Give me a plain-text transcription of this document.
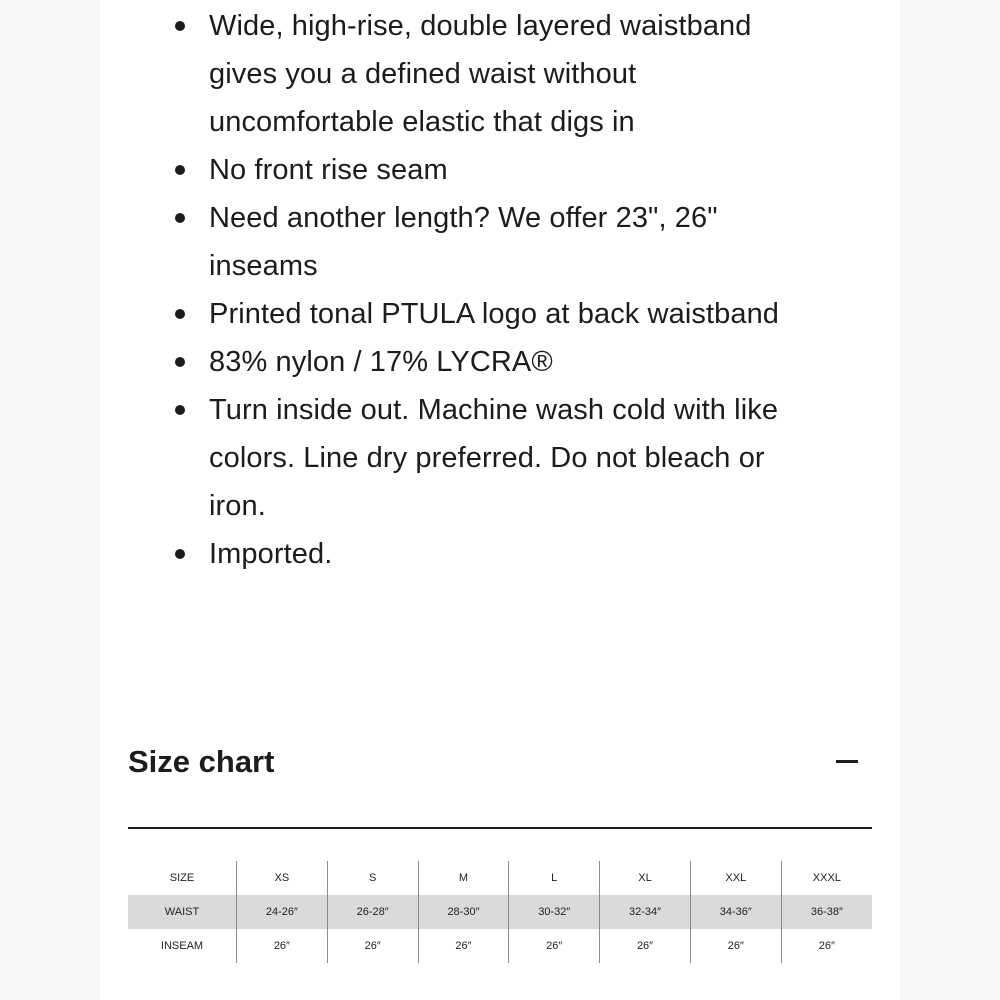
Wide, high-rise, double layered waistband gives you a defined waist without uncomfortable elastic that digs in
No front rise seam
Need another length? We offer 23", 26" inseams
Printed tonal PTULA logo at back waistband
83% nylon / 17% LYCRA®
Turn inside out. Machine wash cold with like colors. Line dry preferred. Do not bleach or iron.
Imported.
Size chart
SIZE	XS	S	M	L	XL	XXL	XXXL
WAIST	24-26″	26-28″	28-30″	30-32″	32-34″	34-36″	36-38″
INSEAM	26″	26″	26″	26″	26″	26″	26″
